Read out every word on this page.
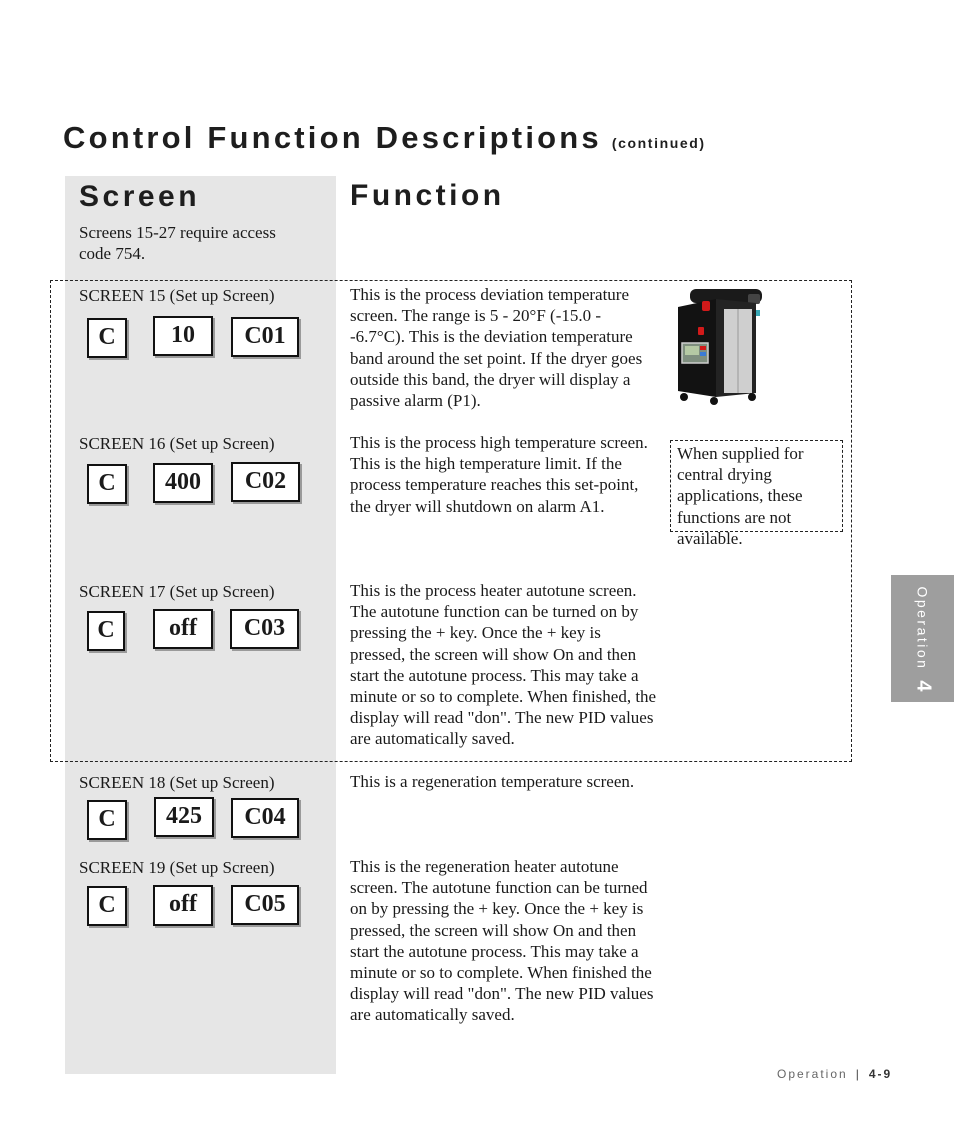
Control Function Descriptions (continued)
Screen	Function
Screens 15-27 require access code 754.
SCREEN 15 (Set up Screen)
C	10	C01
This is the process deviation temperature screen. The range is 5 - 20°F (-15.0 - -6.7°C). This is the deviation temperature band around the set point. If the dryer goes outside this band, the dryer will display a passive alarm (P1).
SCREEN 16 (Set up Screen)
C	400	C02
This is the process high temperature screen. This is the high temperature limit. If the process temperature reaches this set-point, the dryer will shutdown on alarm A1.
SCREEN 17 (Set up Screen)
C	off	C03
This is the process heater autotune screen. The autotune function can be turned on by pressing the + key. Once the + key is pressed, the screen will show On and then start the autotune process. This may take a minute or so to complete. When finished, the display will read "don". The new PID values are automatically saved.
SCREEN 18 (Set up Screen)
C	425	C04
This is a regeneration temperature screen.
SCREEN 19 (Set up Screen)
C	off	C05
This is the regeneration heater autotune screen. The autotune function can be turned on by pressing the + key. Once the + key is pressed, the screen will show On and then start the autotune process. This may take a minute or so to complete. When finished the display will read "don". The new PID values are automatically saved.
When supplied for central drying applications, these functions are not available.
Operation
4
Operation | 4-9
